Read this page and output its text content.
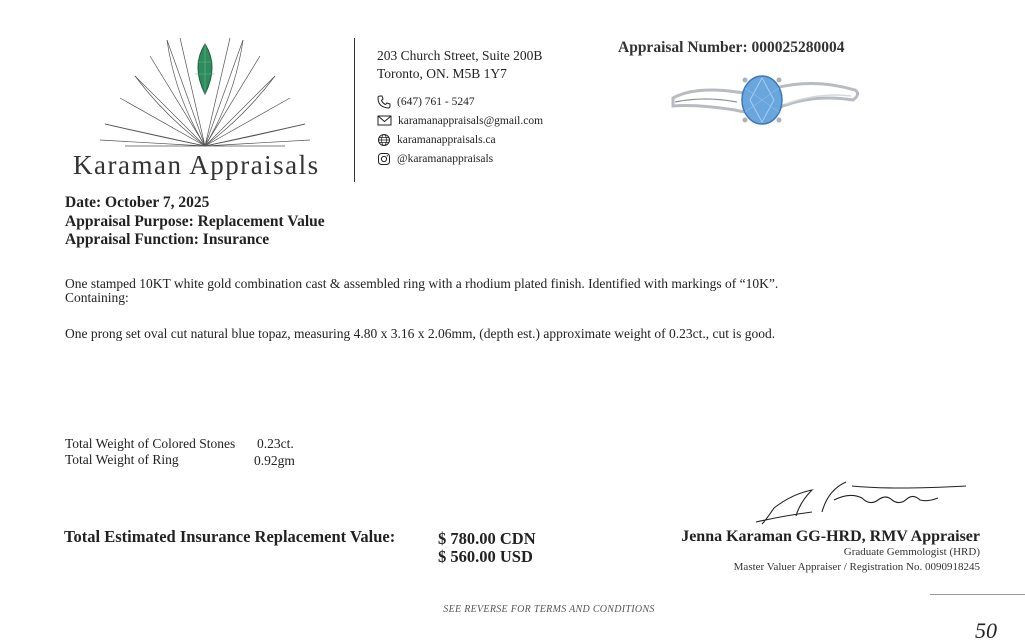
Karaman Appraisals
203 Church Street, Suite 200B
Toronto, ON. M5B 1Y7
(647) 761 - 5247
karamanappraisals@gmail.com
karamanappraisals.ca
@karamanappraisals
Appraisal Number: 000025280004
Date: October 7, 2025
Appraisal Purpose: Replacement Value
Appraisal Function: Insurance
One stamped 10KT white gold combination cast & assembled ring with a rhodium plated finish. Identified with markings of “10K”.
Containing:
One prong set oval cut natural blue topaz, measuring 4.80 x 3.16 x 2.06mm, (depth est.) approximate weight of 0.23ct., cut is good.
Total Weight of Colored Stones 0.23ct.
Total Weight of Ring	0.92gm
Total Estimated Insurance Replacement Value:	$ 780.00 CDN
$ 560.00 USD
Jenna Karaman GG-HRD, RMV Appraiser
Graduate Gemmologist (HRD)
Master Valuer Appraiser / Registration No. 0090918245
SEE REVERSE FOR TERMS AND CONDITIONS
50
